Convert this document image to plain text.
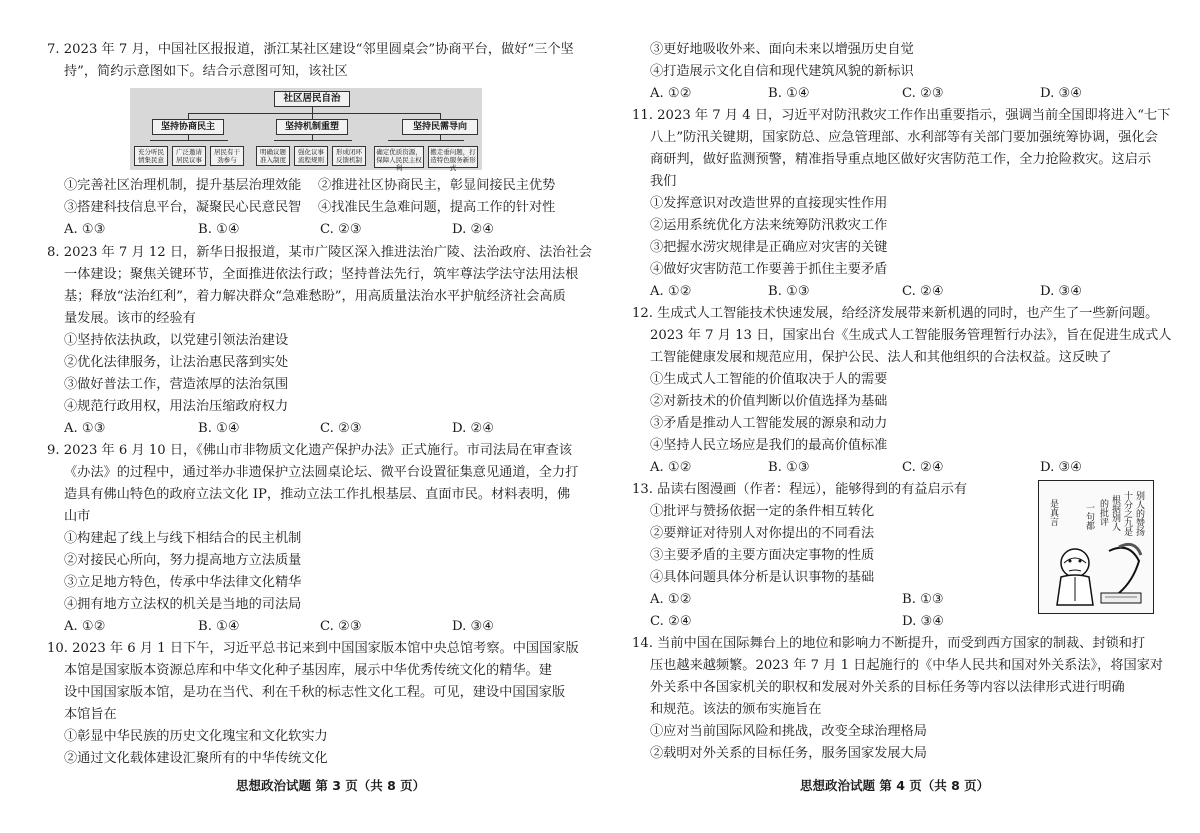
7. 2023 年 7 月，中国社区报报道，浙江某社区建设“邻里圆桌会”协商平台，做好“三个坚
持”，简约示意图如下。结合示意图可知，该社区
社区居民自治
坚持协商民主	坚持机制重塑	坚持民需导向
充分听民情集民意
广泛邀请居民议事
居民有干劲参与
明确议题准入制度
强化议事流程规则
形成闭环反馈机制
确定优质资源，保障人民民主权利
搬走垂问题，打造特色服务新形式
①完善社区治理机制，提升基层治理效能 ②推进社区协商民主，彰显间接民主优势
③搭建科技信息平台，凝聚民心民意民智 ④找准民生急难问题，提高工作的针对性
A. ①③	B. ①④	C. ②③	D. ②④
8. 2023 年 7 月 12 日，新华日报报道，某市广陵区深入推进法治广陵、法治政府、法治社会
一体建设；聚焦关键环节，全面推进依法行政；坚持普法先行，筑牢尊法学法守法用法根
基；释放“法治红利”，着力解决群众“急难愁盼”，用高质量法治水平护航经济社会高质
量发展。该市的经验有
①坚持依法执政，以党建引领法治建设
②优化法律服务，让法治惠民落到实处
③做好普法工作，营造浓厚的法治氛围
④规范行政用权，用法治压缩政府权力
A. ①③	B. ①④	C. ②③	D. ②④
9. 2023 年 6 月 10 日，《佛山市非物质文化遗产保护办法》正式施行。市司法局在审查该
《办法》的过程中，通过举办非遗保护立法圆桌论坛、微平台设置征集意见通道，全力打
造具有佛山特色的政府立法文化 IP，推动立法工作扎根基层、直面市民。材料表明，佛
山市
①构建起了线上与线下相结合的民主机制
②对接民心所向，努力提高地方立法质量
③立足地方特色，传承中华法律文化精华
④拥有地方立法权的机关是当地的司法局
A. ①②	B. ①④	C. ②③	D. ③④
10. 2023 年 6 月 1 日下午，习近平总书记来到中国国家版本馆中央总馆考察。中国国家版
本馆是国家版本资源总库和中华文化种子基因库，展示中华优秀传统文化的精华。建
设中国国家版本馆，是功在当代、利在千秋的标志性文化工程。可见，建设中国国家版
本馆旨在
①彰显中华民族的历史文化瑰宝和文化软实力
②通过文化载体建设汇聚所有的中华传统文化
思想政治试题 第 3 页（共 8 页）
③更好地吸收外来、面向未来以增强历史自觉
④打造展示文化自信和现代建筑风貌的新标识
A. ①②	B. ①④	C. ②③	D. ③④
11. 2023 年 7 月 4 日，习近平对防汛救灾工作作出重要指示，强调当前全国即将进入“七下
八上”防汛关键期，国家防总、应急管理部、水利部等有关部门要加强统筹协调，强化会
商研判，做好监测预警，精准指导重点地区做好灾害防范工作，全力抢险救灾。这启示
我们
①发挥意识对改造世界的直接现实性作用
②运用系统优化方法来统筹防汛救灾工作
③把握水涝灾规律是正确应对灾害的关键
④做好灾害防范工作要善于抓住主要矛盾
A. ①②	B. ①③	C. ②④	D. ③④
12. 生成式人工智能技术快速发展，给经济发展带来新机遇的同时，也产生了一些新问题。
2023 年 7 月 13 日，国家出台《生成式人工智能服务管理暂行办法》，旨在促进生成式人
工智能健康发展和规范应用，保护公民、法人和其他组织的合法权益。这反映了
①生成式人工智能的价值取决于人的需要
②对新技术的价值判断以价值选择为基础
③矛盾是推动人工智能发展的源泉和动力
④坚持人民立场应是我们的最高价值标准
A. ①②	B. ①③	C. ②④	D. ③④
13. 品读右图漫画（作者：程远），能够得到的有益启示有
①批评与赞扬依据一定的条件相互转化
②要辩证对待别人对你提出的不同看法
③主要矛盾的主要方面决定事物的性质
④具体问题具体分析是认识事物的基础
A. ①②	B. ①③
C. ②④	D. ③④
别人的赞扬
十分之九是
根据别人
的批评
一句都
是真言
14. 当前中国在国际舞台上的地位和影响力不断提升，而受到西方国家的制裁、封锁和打
压也越来越频繁。2023 年 7 月 1 日起施行的《中华人民共和国对外关系法》，将国家对
外关系中各国家机关的职权和发展对外关系的目标任务等内容以法律形式进行明确
和规范。该法的颁布实施旨在
①应对当前国际风险和挑战，改变全球治理格局
②载明对外关系的目标任务，服务国家发展大局
思想政治试题 第 4 页（共 8 页）
